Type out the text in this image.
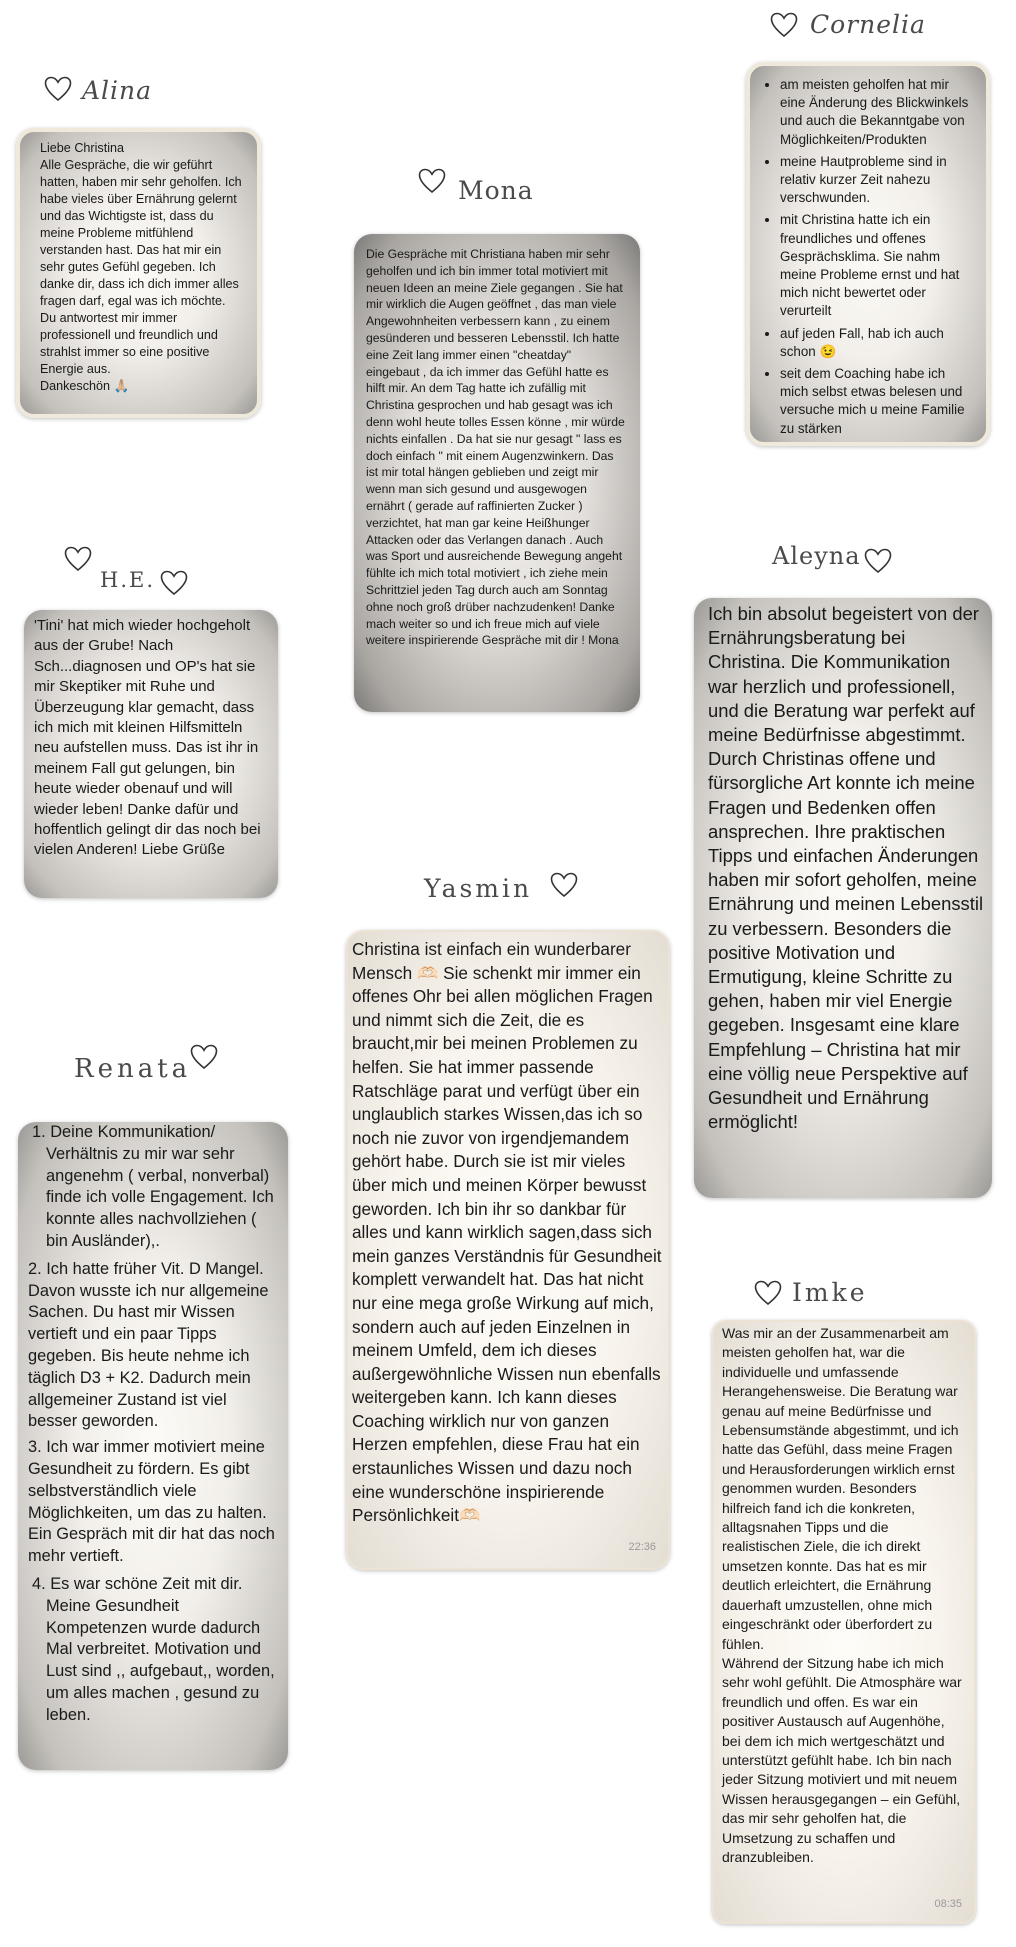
Alina

Liebe Christina

Alle Gespräche, die wir geführt hatten, haben mir sehr geholfen. Ich habe vieles über Ernährung gelernt und das Wichtigste ist, dass du meine Probleme mitfühlend verstanden hast. Das hat mir ein sehr gutes Gefühl gegeben. Ich danke dir, dass ich dich immer alles fragen darf, egal was ich möchte. Du antwortest mir immer professionell und freundlich und strahlst immer so eine positive Energie aus.

Dankeschön 🙏🏼

Mona

Die Gespräche mit Christiana haben mir sehr geholfen und ich bin immer total motiviert mit neuen Ideen an meine Ziele gegangen . Sie hat mir wirklich die Augen geöffnet , das man viele Angewohnheiten verbessern kann , zu einem gesünderen und besseren Lebensstil. Ich hatte eine Zeit lang immer einen "cheatday" eingebaut , da ich immer das Gefühl hatte es hilft mir. An dem Tag hatte ich zufällig mit Christina gesprochen und hab gesagt was ich denn wohl heute tolles Essen könne , mir würde nichts einfallen . Da hat sie nur gesagt " lass es doch einfach " mit einem Augenzwinkern. Das ist mir total hängen geblieben und zeigt mir wenn man sich gesund und ausgewogen ernährt ( gerade auf raffinierten Zucker ) verzichtet, hat man gar keine Heißhunger Attacken oder das Verlangen danach . Auch was Sport und ausreichende Bewegung angeht fühlte ich mich total motiviert , ich ziehe mein Schrittziel jeden Tag durch auch am Sonntag ohne noch groß drüber nachzudenken! Danke mach weiter so und ich freue mich auf viele weitere inspirierende Gespräche mit dir ! Mona

Cornelia
• am meisten geholfen hat mir eine Änderung des Blickwinkels und auch die Bekanntgabe von Möglichkeiten/Produkten
• meine Hautprobleme sind in relativ kurzer Zeit nahezu verschwunden.
• mit Christina hatte ich ein freundliches und offenes Gesprächsklima. Sie nahm meine Probleme ernst und hat mich nicht bewertet oder verurteilt
• auf jeden Fall, hab ich auch schon 😉
• seit dem Coaching habe ich mich selbst etwas belesen und versuche mich u meine Familie zu stärken
H.E.

'Tini' hat mich wieder hochgeholt aus der Grube! Nach Sch...diagnosen und OP's hat sie mir Skeptiker mit Ruhe und Überzeugung klar gemacht, dass ich mich mit kleinen Hilfsmitteln neu aufstellen muss. Das ist ihr in meinem Fall gut gelungen, bin heute wieder obenauf und will wieder leben! Danke dafür und hoffentlich gelingt dir das noch bei vielen Anderen! Liebe Grüße

Aleyna

Ich bin absolut begeistert von der Ernährungsberatung bei Christina. Die Kommunikation war herzlich und professionell, und die Beratung war perfekt auf meine Bedürfnisse abgestimmt. Durch Christinas offene und fürsorgliche Art konnte ich meine Fragen und Bedenken offen ansprechen. Ihre praktischen Tipps und einfachen Änderungen haben mir sofort geholfen, meine Ernährung und meinen Lebensstil zu verbessern. Besonders die positive Motivation und Ermutigung, kleine Schritte zu gehen, haben mir viel Energie gegeben. Insgesamt eine klare Empfehlung – Christina hat mir eine völlig neue Perspektive auf Gesundheit und Ernährung ermöglicht!

Yasmin

Christina ist einfach ein wunderbarer Mensch 🫶🏻 Sie schenkt mir immer ein offenes Ohr bei allen möglichen Fragen und nimmt sich die Zeit, die es braucht,mir bei meinen Problemen zu helfen. Sie hat immer passende Ratschläge parat und verfügt über ein unglaublich starkes Wissen,das ich so noch nie zuvor von irgendjemandem gehört habe. Durch sie ist mir vieles über mich und meinen Körper bewusst geworden. Ich bin ihr so dankbar für alles und kann wirklich sagen,dass sich mein ganzes Verständnis für Gesundheit komplett verwandelt hat. Das hat nicht nur eine mega große Wirkung auf mich, sondern auch auf jeden Einzelnen in meinem Umfeld, dem ich dieses außergewöhnliche Wissen nun ebenfalls weitergeben kann. Ich kann dieses Coaching wirklich nur von ganzen Herzen empfehlen, diese Frau hat ein erstaunliches Wissen und dazu noch eine wunderschöne inspirierende Persönlichkeit🫶🏻

22:36
Renata
1. Deine Kommunikation/ Verhältnis zu mir war sehr angenehm ( verbal, nonverbal) finde ich volle Engagement. Ich konnte alles nachvollziehen ( bin Ausländer),.
2. Ich hatte früher Vit. D Mangel. Davon wusste ich nur allgemeine Sachen. Du hast mir Wissen vertieft und ein paar Tipps gegeben. Bis heute nehme ich täglich D3 + K2. Dadurch mein allgemeiner Zustand ist viel besser geworden.
3. Ich war immer motiviert meine Gesundheit zu fördern. Es gibt selbstverständlich viele Möglichkeiten, um das zu halten. Ein Gespräch mit dir hat das noch mehr vertieft.
4. Es war schöne Zeit mit dir. Meine Gesundheit Kompetenzen wurde dadurch Mal verbreitet. Motivation und Lust sind ,, aufgebaut,, worden, um alles machen , gesund zu leben.
Imke

Was mir an der Zusammenarbeit am meisten geholfen hat, war die individuelle und umfassende Herangehensweise. Die Beratung war genau auf meine Bedürfnisse und Lebensumstände abgestimmt, und ich hatte das Gefühl, dass meine Fragen und Herausforderungen wirklich ernst genommen wurden. Besonders hilfreich fand ich die konkreten, alltagsnahen Tipps und die realistischen Ziele, die ich direkt umsetzen konnte. Das hat es mir deutlich erleichtert, die Ernährung dauerhaft umzustellen, ohne mich eingeschränkt oder überfordert zu fühlen.

Während der Sitzung habe ich mich sehr wohl gefühlt. Die Atmosphäre war freundlich und offen. Es war ein positiver Austausch auf Augenhöhe, bei dem ich mich wertgeschätzt und unterstützt gefühlt habe. Ich bin nach jeder Sitzung motiviert und mit neuem Wissen herausgegangen – ein Gefühl, das mir sehr geholfen hat, die Umsetzung zu schaffen und dranzubleiben.

08:35
